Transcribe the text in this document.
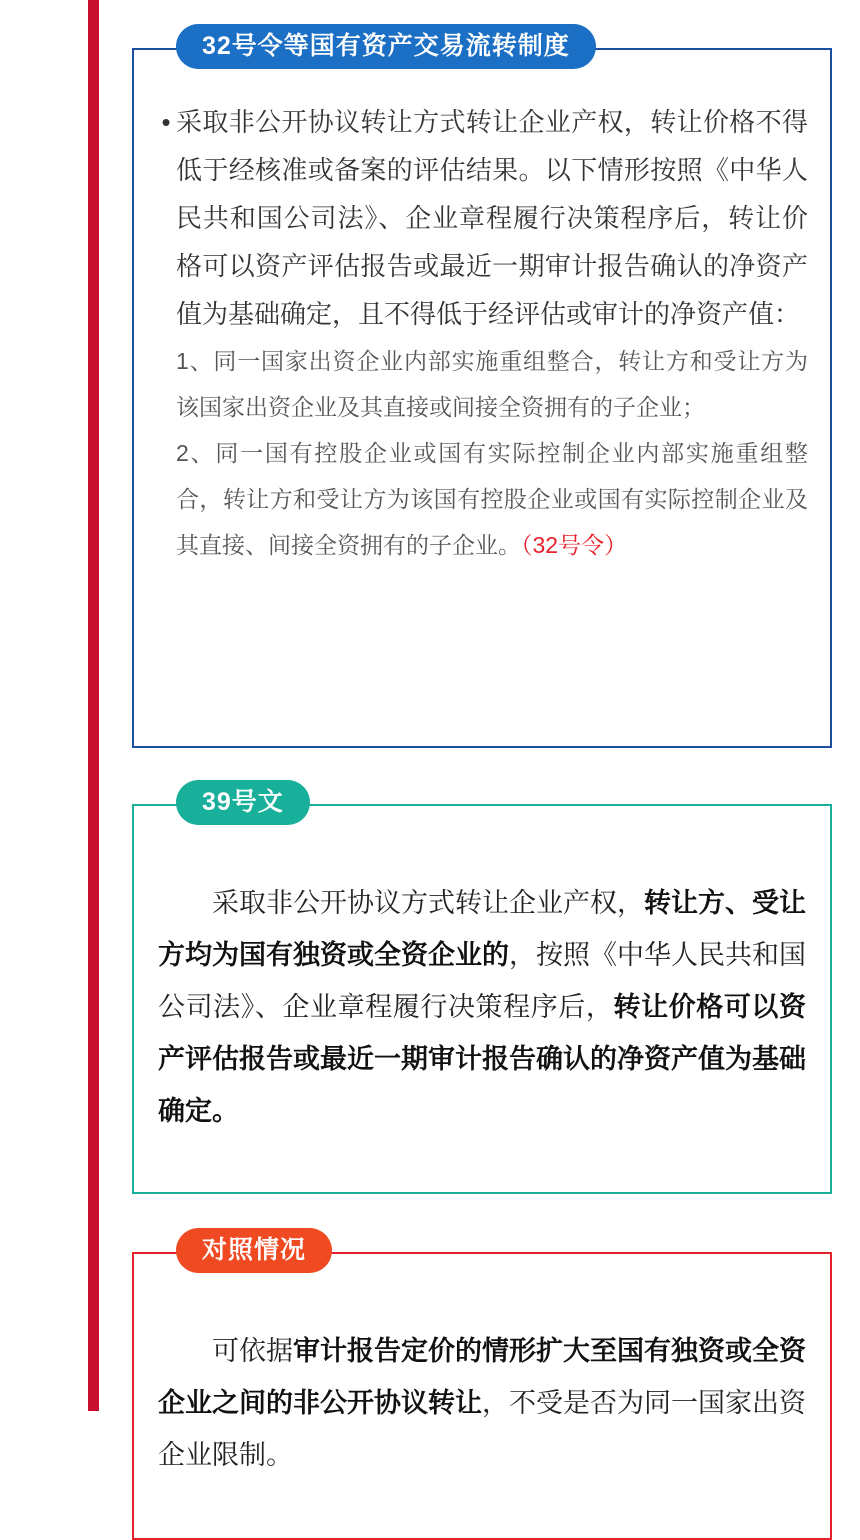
32号令等国有资产交易流转制度
• 采取非公开协议转让方式转让企业产权，转让价格不得低于经核准或备案的评估结果。以下情形按照《中华人民共和国公司法》、企业章程履行决策程序后，转让价格可以资产评估报告或最近一期审计报告确认的净资产值为基础确定，且不得低于经评估或审计的净资产值：
1、同一国家出资企业内部实施重组整合，转让方和受让方为该国家出资企业及其直接或间接全资拥有的子企业；
2、同一国有控股企业或国有实际控制企业内部实施重组整合，转让方和受让方为该国有控股企业或国有实际控制企业及其直接、间接全资拥有的子企业。（32号令）
39号文

采取非公开协议方式转让企业产权，转让方、受让方均为国有独资或全资企业的，按照《中华人民共和国公司法》、企业章程履行决策程序后，转让价格可以资产评估报告或最近一期审计报告确认的净资产值为基础确定。

对照情况

可依据审计报告定价的情形扩大至国有独资或全资企业之间的非公开协议转让，不受是否为同一国家出资企业限制。
